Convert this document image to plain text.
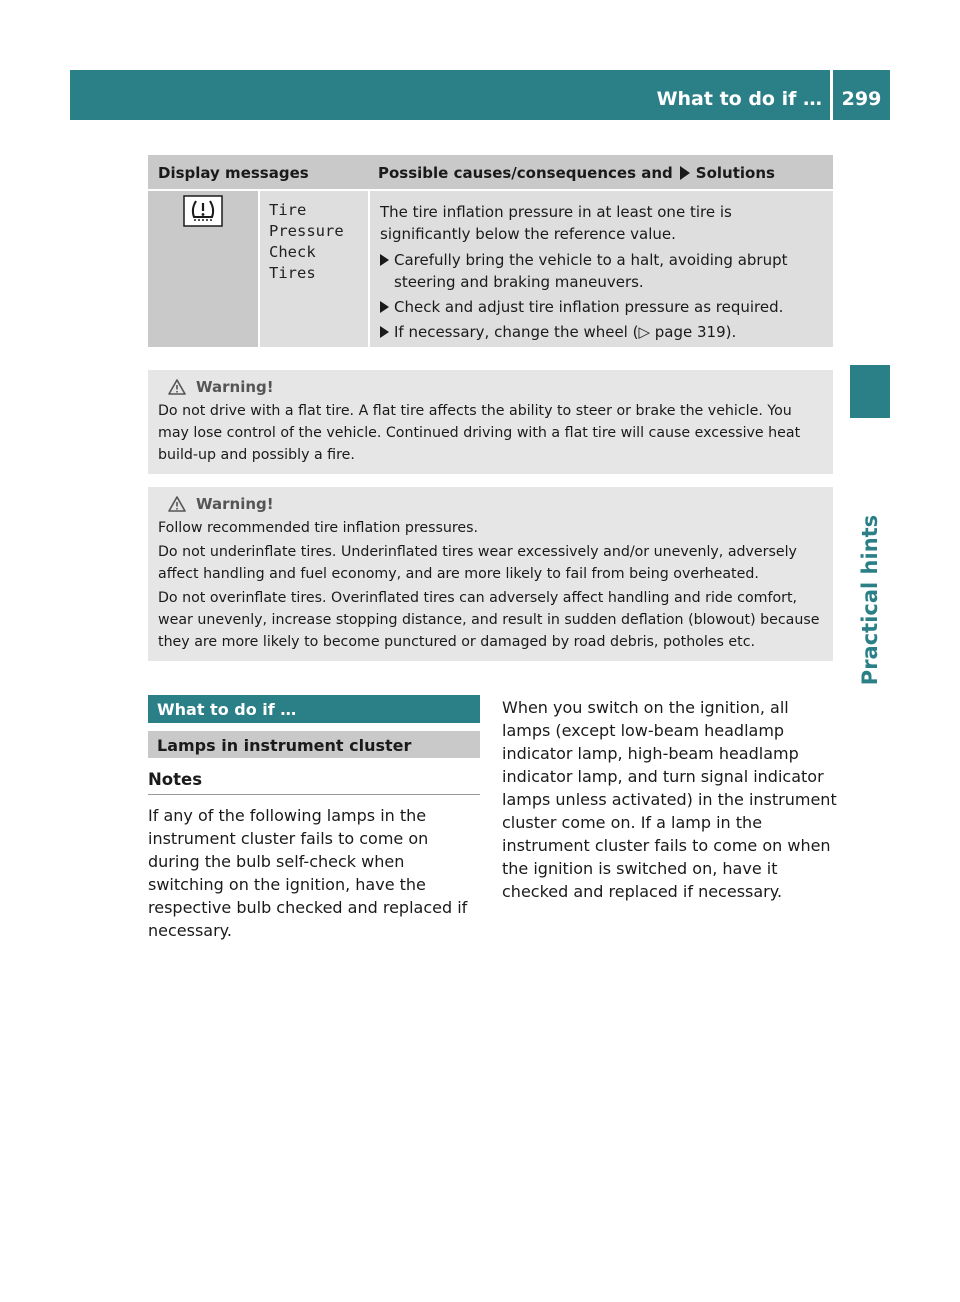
What to do if …	299
Practical hints
Display messages	Possible causes/consequences and Solutions
Tire
Pressure
Check
Tires

The tire inflation pressure in at least one tire is significantly below the reference value.

Carefully bring the vehicle to a halt, avoiding abrupt steering and braking maneuvers.
Check and adjust tire inflation pressure as required.
If necessary, change the wheel (▷ page 319).
Warning!

Do not drive with a flat tire. A flat tire affects the ability to steer or brake the vehicle. You may lose control of the vehicle. Continued driving with a flat tire will cause excessive heat build-up and possibly a fire.

Warning!

Follow recommended tire inflation pressures.

Do not underinflate tires. Underinflated tires wear excessively and/or unevenly, adversely affect handling and fuel economy, and are more likely to fail from being overheated.

Do not overinflate tires. Overinflated tires can adversely affect handling and ride comfort, wear unevenly, increase stopping distance, and result in sudden deflation (blowout) because they are more likely to become punctured or damaged by road debris, potholes etc.

What to do if …
Lamps in instrument cluster
Notes
If any of the following lamps in the instrument cluster fails to come on during the bulb self-check when switching on the ignition, have the respective bulb checked and replaced if necessary.
When you switch on the ignition, all lamps (except low-beam headlamp indicator lamp, high-beam headlamp indicator lamp, and turn signal indicator lamps unless activated) in the instrument cluster come on. If a lamp in the instrument cluster fails to come on when the ignition is switched on, have it checked and replaced if necessary.
